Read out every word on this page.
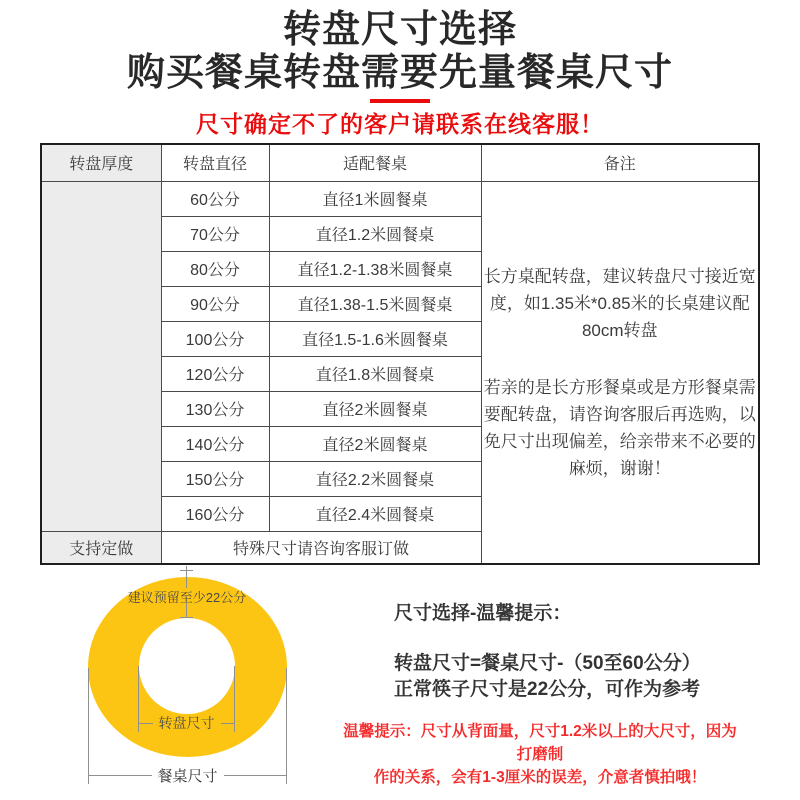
转盘尺寸选择
购买餐桌转盘需要先量餐桌尺寸
尺寸确定不了的客户请联系在线客服！
转盘厚度	转盘直径	适配餐桌	备注
	60公分	直径1米圆餐桌	长方桌配转盘，建议转盘尺寸接近宽度，如1.35米*0.85米的长桌建议配80cm转盘
若亲的是长方形餐桌或是方形餐桌需要配转盘，请咨询客服后再选购，以免尺寸出现偏差，给亲带来不必要的麻烦，谢谢！

	70公分	直径1.2米圆餐桌	
	80公分	直径1.2-1.38米圆餐桌	
	90公分	直径1.38-1.5米圆餐桌	
	100公分	直径1.5-1.6米圆餐桌	
	120公分	直径1.8米圆餐桌	
	130公分	直径2米圆餐桌	
	140公分	直径2米圆餐桌	
	150公分	直径2.2米圆餐桌	
	160公分	直径2.4米圆餐桌	
支持定做	特殊尺寸请咨询客服订做		
建议预留至少22公分
转盘尺寸
餐桌尺寸
尺寸选择-温馨提示：
转盘尺寸=餐桌尺寸-（50至60公分）
正常筷子尺寸是22公分，可作为参考
温馨提示：尺寸从背面量，尺寸1.2米以上的大尺寸，因为打磨制
作的关系，会有1-3厘米的误差，介意者慎拍哦！
